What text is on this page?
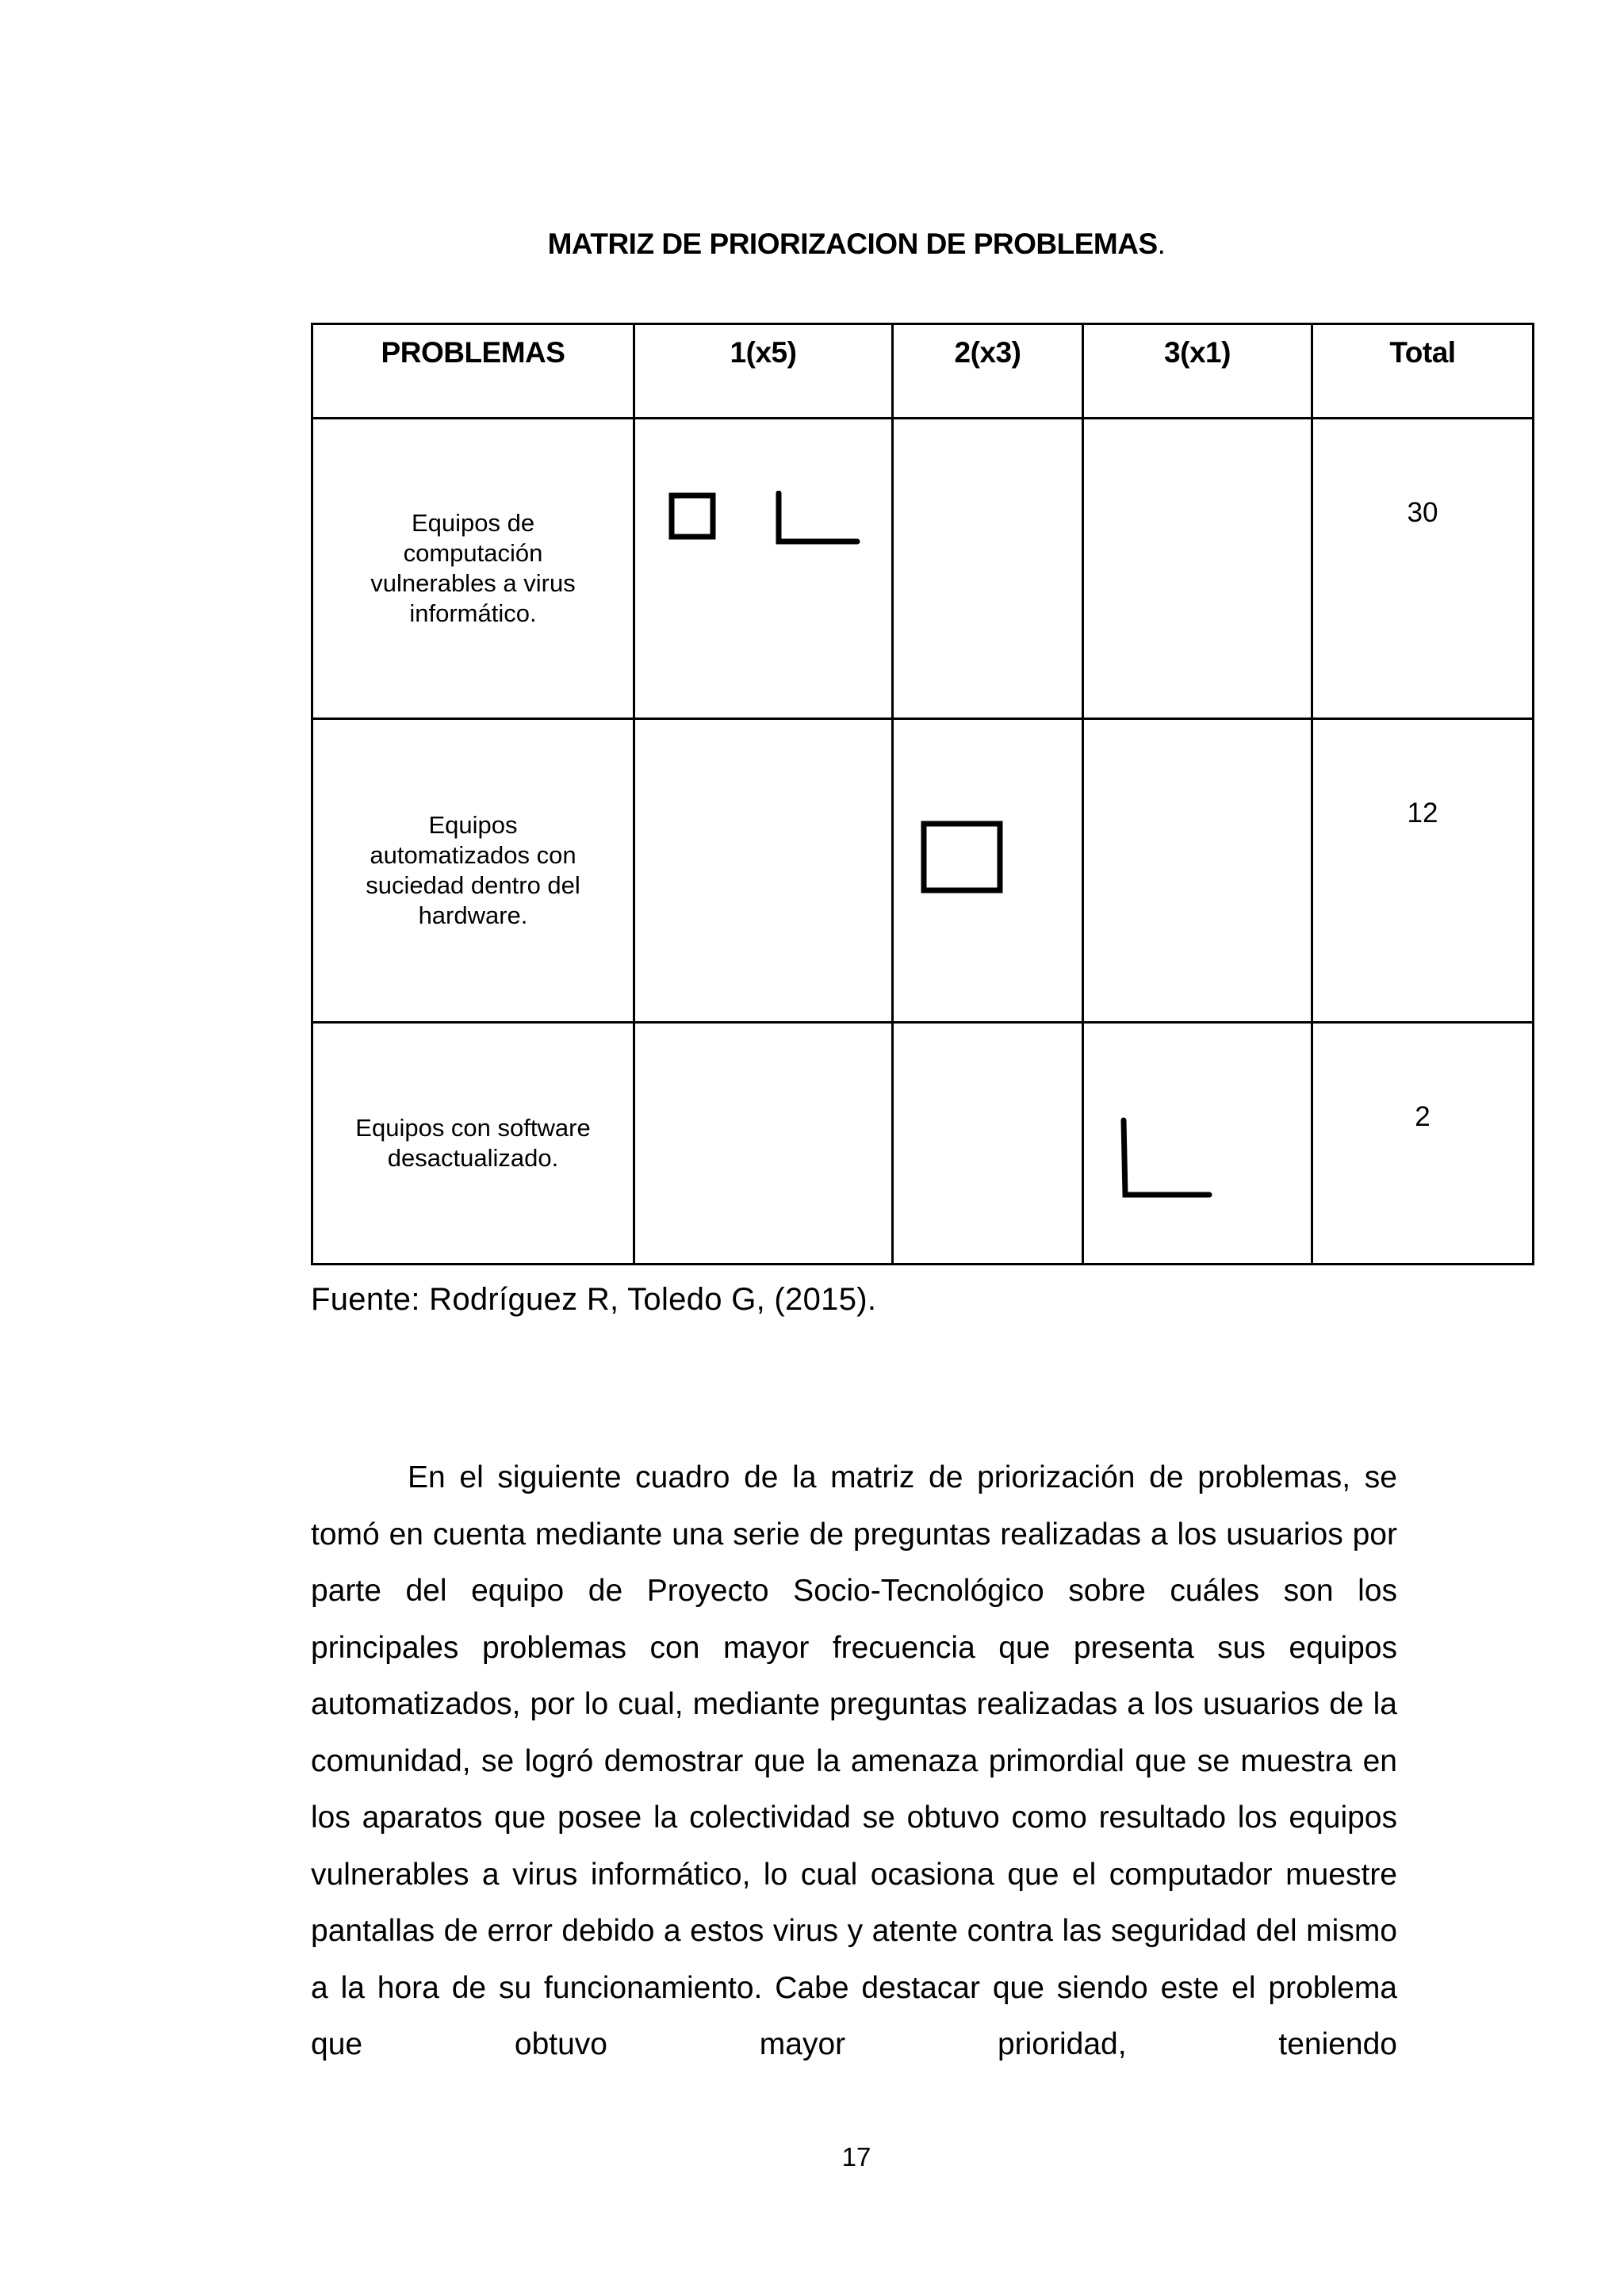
MATRIZ DE PRIORIZACION DE PROBLEMAS.
PROBLEMAS	1(x5)	2(x3)	3(x1)	Total
Equipos de computación vulnerables a virus informático.				30

Equipos automatizados con suciedad dentro del hardware.				12

Equipos con software desactualizado.				2
Fuente: Rodríguez R, Toledo G, (2015).
En el siguiente cuadro de la matriz de priorización de problemas, se tomó en cuenta mediante una serie de preguntas realizadas a los usuarios por parte del equipo de Proyecto Socio-Tecnológico sobre cuáles son los principales problemas con mayor frecuencia que presenta sus equipos automatizados, por lo cual, mediante preguntas realizadas a los usuarios de la comunidad, se logró demostrar que la amenaza primordial que se muestra en los aparatos que posee la colectividad se obtuvo como resultado los equipos vulnerables a virus informático, lo cual ocasiona que el computador muestre pantallas de error debido a estos virus y atente contra las seguridad del mismo a la hora de su funcionamiento. Cabe destacar que siendo este el problema que obtuvo mayor prioridad, teniendo
17
